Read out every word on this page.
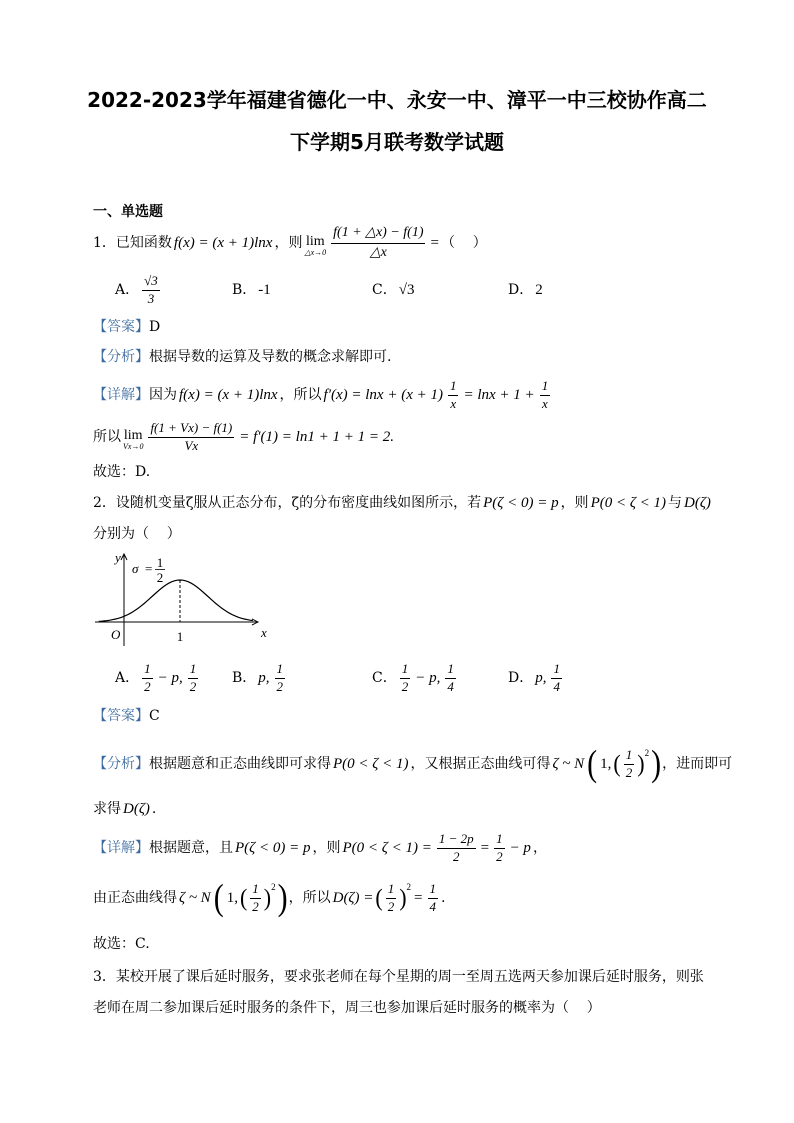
2022-2023学年福建省德化一中、永安一中、漳平一中三校协作高二
下学期5月联考数学试题
一、单选题
1． 已知函数 f(x) = (x + 1)lnx ，则 lim
△x→0 $\frac{f(1 + \triangle x) - f(1)}{\triangle x}$ = （    ）
A． $\frac{√3}{3}$	B． -1	C． √3	D． 2
【答案】 D
【分析】 根据导数的运算及导数的概念求解即可.
【详解】 因为 f(x) = (x + 1)lnx ，所以 $f'(x) = \ln x + (x + 1) \frac{1}{x} = \ln x + 1 + \frac{1}{x}$
所以 lim
$Vx\to 0 \frac{f(1 + Vx) - f(1)}{Vx} = f'(1) = \ln 1 + 1 + 1 = 2$.
故选：D.
2．设随机变量ζ服从正态分布，ζ的分布密度曲线如图所示，若 P(ζ < 0) = p ，则 P(0 < ζ < 1) 与 D(ζ)
分别为（    ）
y
O	1	x
σ = 1
2
A． $\frac{1}{2} - p$, $\frac{1}{2}$ B． p, $\frac{1}{2}$	C． $\frac{1}{2} - p$, $\frac{1}{4}$	D． p, $\frac{1}{4}$
【答案】 C
【分析】 根据题意和正态曲线即可求得 P(0 < ζ < 1) ，又根据正态曲线可得 ζ ~ N ( 1, ( $\frac{1}{2}$ ) 2 ) ，进而即可
求得 D(ζ) .
【详解】 根据题意，且 P(ζ < 0) = p ，则 $P(0 < \zeta < 1) = \frac{1 - 2p}{2} = \frac{1}{2} - p$ ，
由正态曲线得 ζ ~ N ( 1, ( $\frac{1}{2}$ ) 2 ) ，所以 D(ζ) = ( $\frac{1}{2}$ ) 2
= $\frac{1}{4}$ .
故选：C.
3．某校开展了课后延时服务，要求张老师在每个星期的周一至周五选两天参加课后延时服务，则张
老师在周二参加课后延时服务的条件下，周三也参加课后延时服务的概率为（    ）
